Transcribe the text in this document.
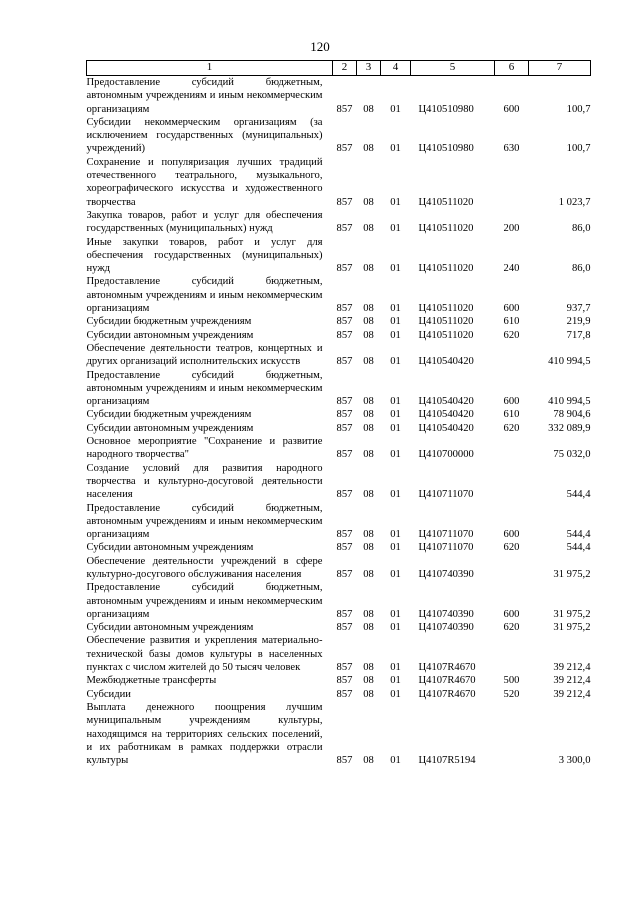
120
1	2	3	4	5	6	7
Предоставление субсидий бюджетным, автономным учреждениям и иным некоммерческим организациям	857	08	01	Ц410510980	600	100,7
Субсидии некоммерческим организациям (за исключением государственных (муниципальных) учреждений)	857	08	01	Ц410510980	630	100,7
Сохранение и популяризация лучших традиций отечественного театрального, музыкального, хореографического искусства и художественного творчества	857	08	01	Ц410511020		1 023,7
Закупка товаров, работ и услуг для обеспечения государственных (муниципальных) нужд	857	08	01	Ц410511020	200	86,0
Иные закупки товаров, работ и услуг для обеспечения государственных (муниципальных) нужд	857	08	01	Ц410511020	240	86,0
Предоставление субсидий бюджетным, автономным учреждениям и иным некоммерческим организациям	857	08	01	Ц410511020	600	937,7
Субсидии бюджетным учреждениям	857	08	01	Ц410511020	610	219,9
Субсидии автономным учреждениям	857	08	01	Ц410511020	620	717,8
Обеспечение деятельности театров, концертных и других организаций исполнительских искусств	857	08	01	Ц410540420		410 994,5
Предоставление субсидий бюджетным, автономным учреждениям и иным некоммерческим организациям	857	08	01	Ц410540420	600	410 994,5
Субсидии бюджетным учреждениям	857	08	01	Ц410540420	610	78 904,6
Субсидии автономным учреждениям	857	08	01	Ц410540420	620	332 089,9
Основное мероприятие "Сохранение и развитие народного творчества"	857	08	01	Ц410700000		75 032,0
Создание условий для развития народного творчества и культурно-досуговой деятельности населения	857	08	01	Ц410711070		544,4
Предоставление субсидий бюджетным, автономным учреждениям и иным некоммерческим организациям	857	08	01	Ц410711070	600	544,4
Субсидии автономным учреждениям	857	08	01	Ц410711070	620	544,4
Обеспечение деятельности учреждений в сфере культурно-досугового обслуживания населения	857	08	01	Ц410740390		31 975,2
Предоставление субсидий бюджетным, автономным учреждениям и иным некоммерческим организациям	857	08	01	Ц410740390	600	31 975,2
Субсидии автономным учреждениям	857	08	01	Ц410740390	620	31 975,2
Обеспечение развития и укрепления материально-технической базы домов культуры в населенных пунктах с числом жителей до 50 тысяч человек	857	08	01	Ц4107R4670		39 212,4
Межбюджетные трансферты	857	08	01	Ц4107R4670	500	39 212,4
Субсидии	857	08	01	Ц4107R4670	520	39 212,4
Выплата денежного поощрения лучшим муниципальным учреждениям культуры, находящимся на территориях сельских поселений, и их работникам в рамках поддержки отрасли культуры	857	08	01	Ц4107R5194		3 300,0
